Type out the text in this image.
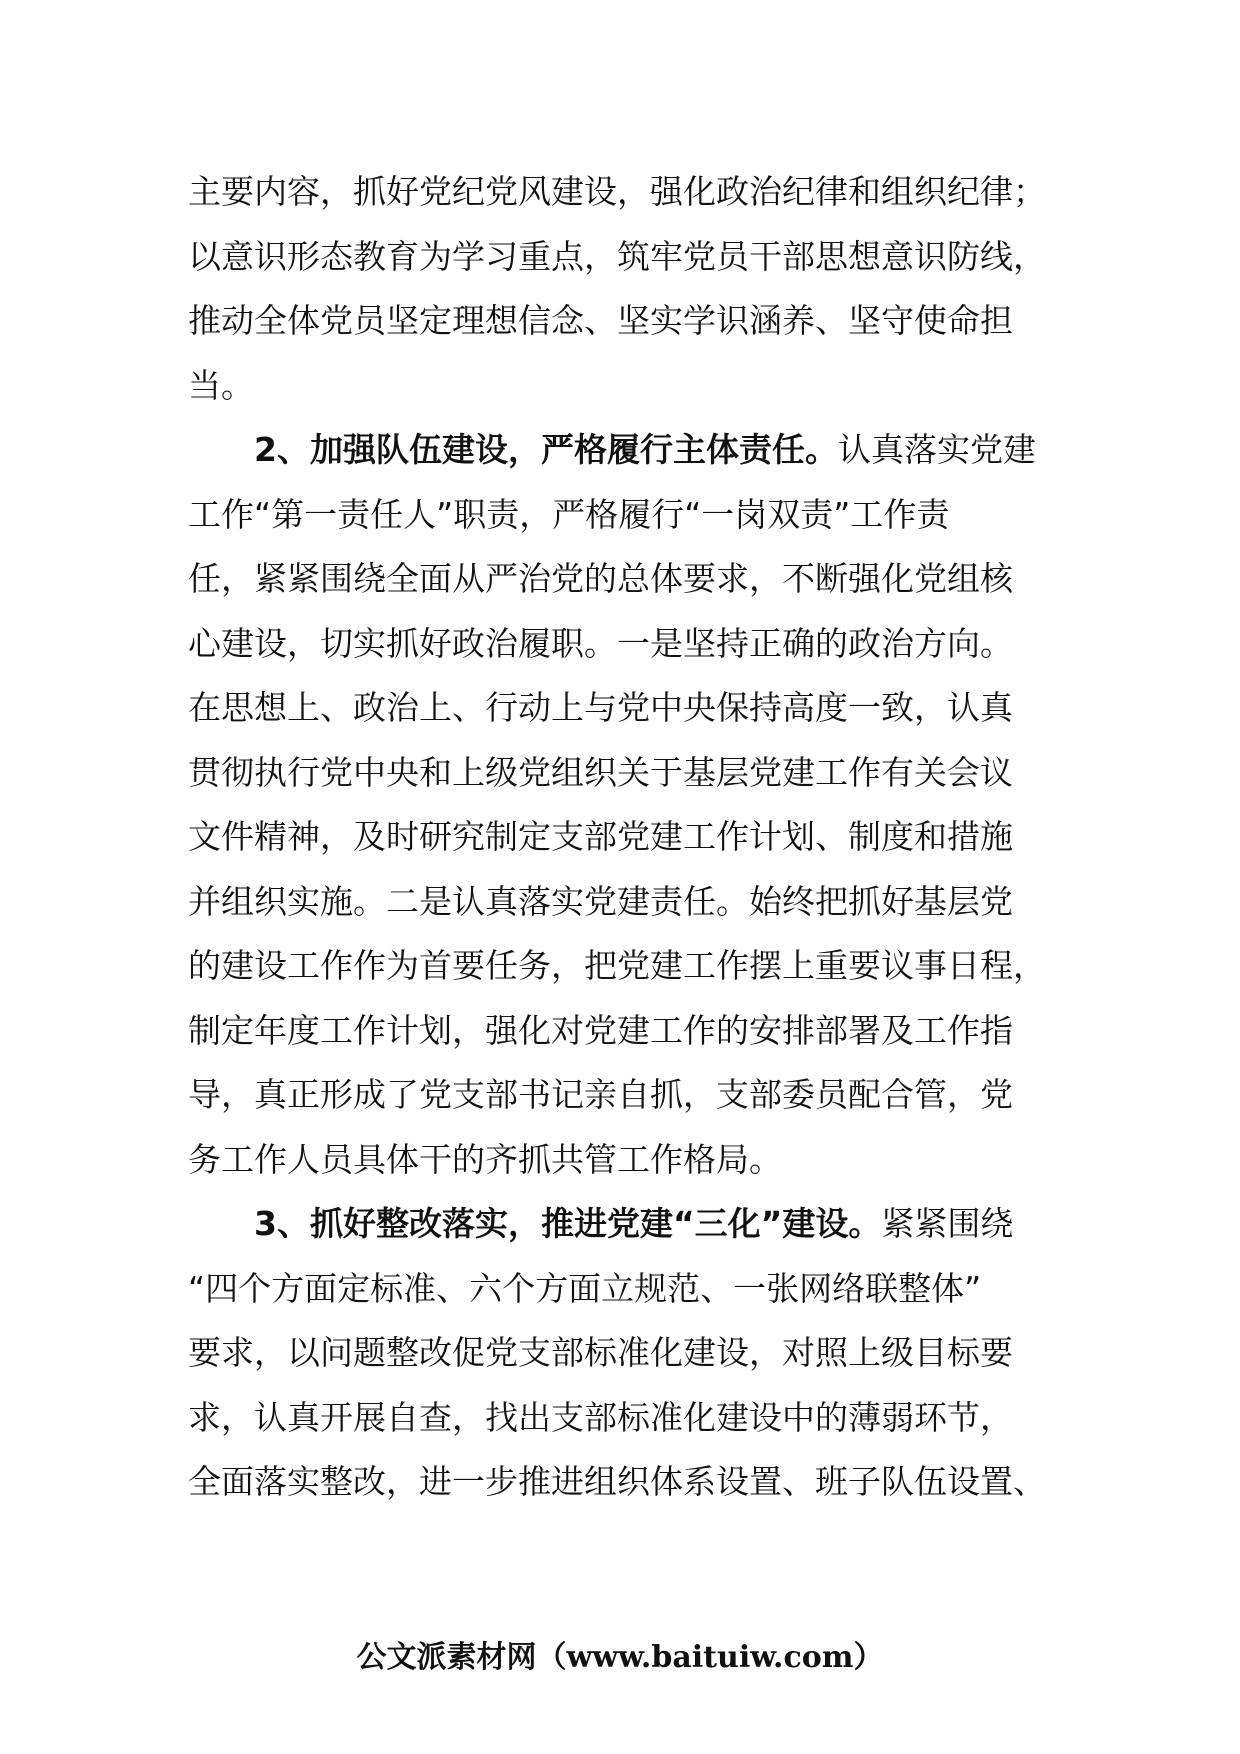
主要内容，抓好党纪党风建设，强化政治纪律和组织纪律；
以意识形态教育为学习重点，筑牢党员干部思想意识防线，
推动全体党员坚定理想信念、坚实学识涵养、坚守使命担
当。
2、加强队伍建设，严格履行主体责任。认真落实党建
工作“第一责任人”职责，严格履行“一岗双责”工作责
任，紧紧围绕全面从严治党的总体要求，不断强化党组核
心建设，切实抓好政治履职。一是坚持正确的政治方向。
在思想上、政治上、行动上与党中央保持高度一致，认真
贯彻执行党中央和上级党组织关于基层党建工作有关会议
文件精神，及时研究制定支部党建工作计划、制度和措施
并组织实施。二是认真落实党建责任。始终把抓好基层党
的建设工作作为首要任务，把党建工作摆上重要议事日程，
制定年度工作计划，强化对党建工作的安排部署及工作指
导，真正形成了党支部书记亲自抓，支部委员配合管，党
务工作人员具体干的齐抓共管工作格局。
3、抓好整改落实，推进党建“三化”建设。紧紧围绕
“四个方面定标准、六个方面立规范、一张网络联整体”
要求，以问题整改促党支部标准化建设，对照上级目标要
求，认真开展自查，找出支部标准化建设中的薄弱环节，
全面落实整改，进一步推进组织体系设置、班子队伍设置、
公文派素材网（www.baituiw.com）
